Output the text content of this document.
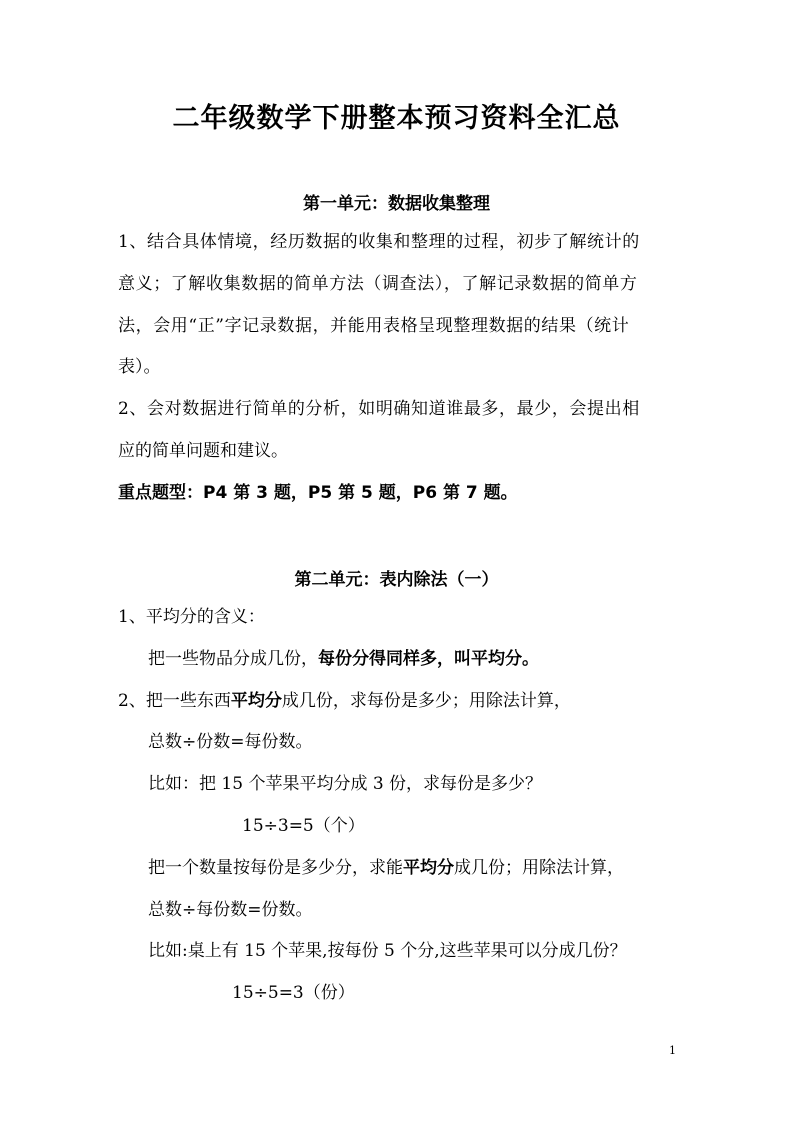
二年级数学下册整本预习资料全汇总
第一单元：数据收集整理
1、结合具体情境，经历数据的收集和整理的过程，初步了解统计的
意义；了解收集数据的简单方法（调查法），了解记录数据的简单方
法，会用“正”字记录数据，并能用表格呈现整理数据的结果（统计
表）。
2、会对数据进行简单的分析，如明确知道谁最多，最少，会提出相
应的简单问题和建议。
重点题型：P4 第 3 题，P5 第 5 题，P6 第 7 题。
第二单元：表内除法（一）
1、平均分的含义：
把一些物品分成几份，每份分得同样多，叫平均分。
2、把一些东西平均分成几份，求每份是多少；用除法计算，
总数÷份数=每份数。
比如：把 15 个苹果平均分成 3 份，求每份是多少？
15÷3=5（个）
把一个数量按每份是多少分，求能平均分成几份；用除法计算，
总数÷每份数=份数。
比如:桌上有 15 个苹果,按每份 5 个分,这些苹果可以分成几份？
15÷5=3（份）
1
